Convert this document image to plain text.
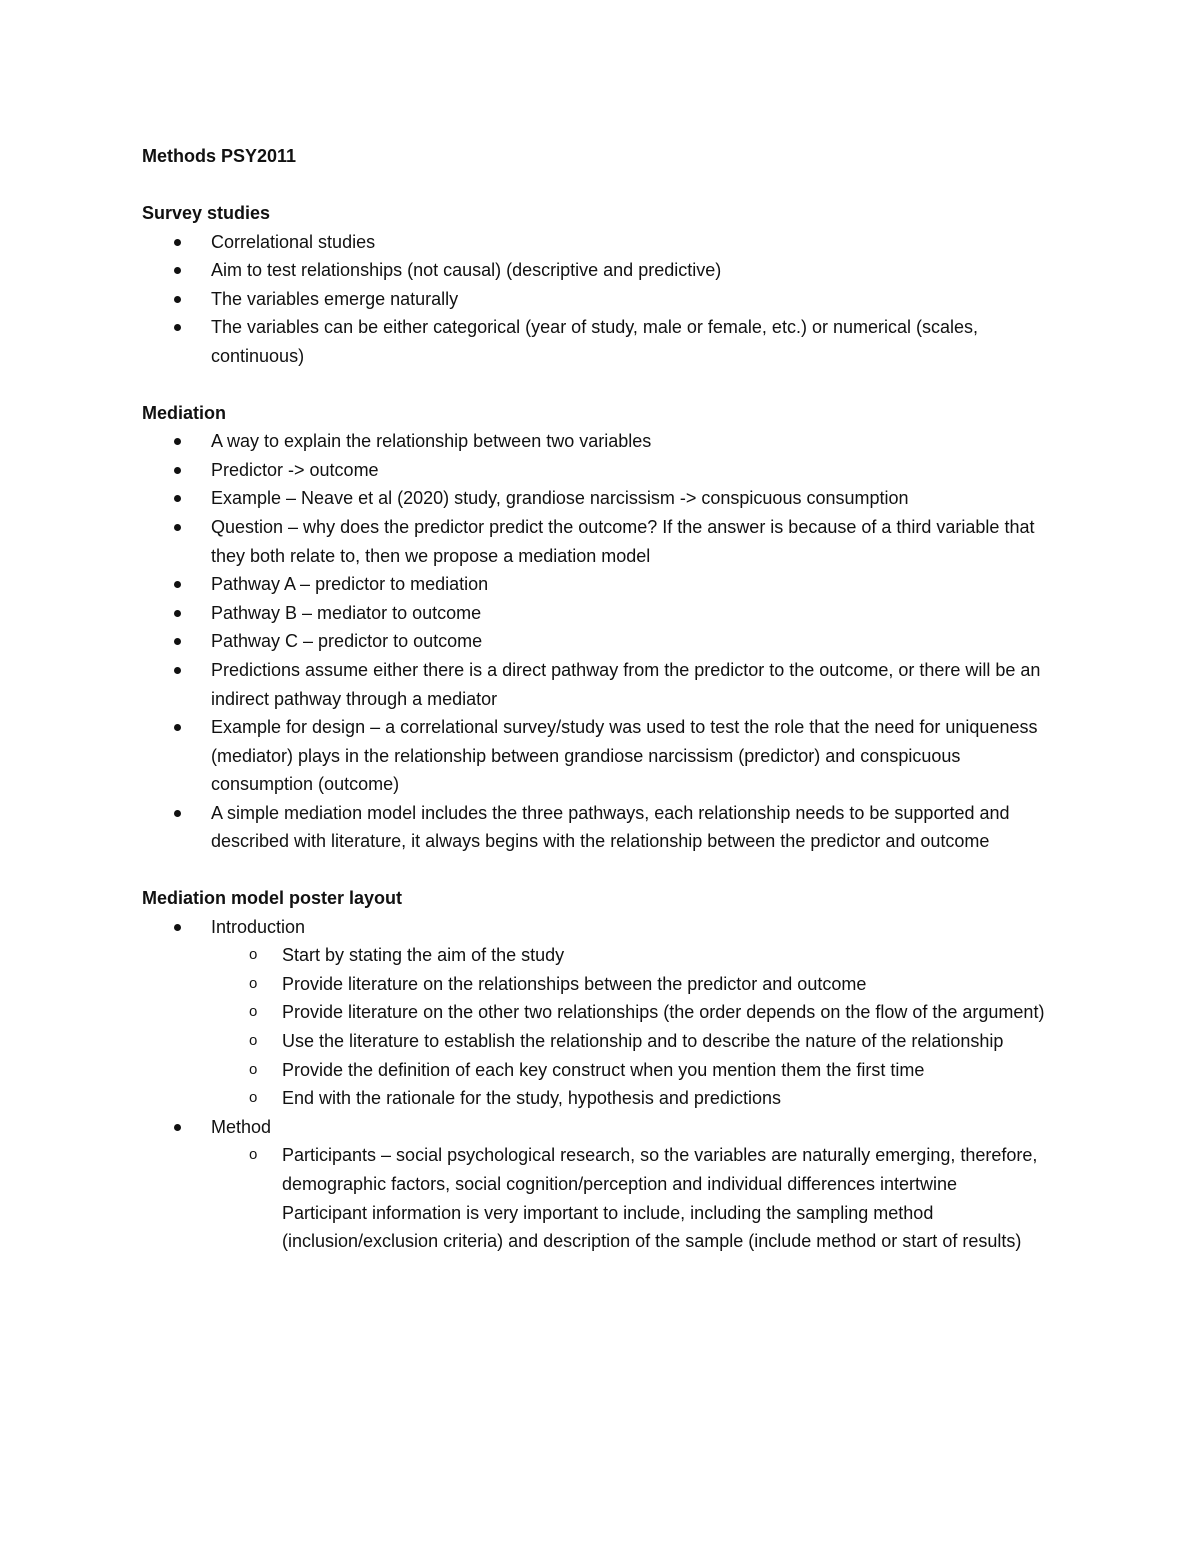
Methods PSY2011

Survey studies

Correlational studies
Aim to test relationships (not causal) (descriptive and predictive)
The variables emerge naturally
The variables can be either categorical (year of study, male or female, etc.) or numerical (scales, continuous)

Mediation

A way to explain the relationship between two variables
Predictor -> outcome
Example – Neave et al (2020) study, grandiose narcissism -> conspicuous consumption
Question – why does the predictor predict the outcome? If the answer is because of a third variable that they both relate to, then we propose a mediation model
Pathway A – predictor to mediation
Pathway B – mediator to outcome
Pathway C – predictor to outcome
Predictions assume either there is a direct pathway from the predictor to the outcome, or there will be an indirect pathway through a mediator
Example for design – a correlational survey/study was used to test the role that the need for uniqueness (mediator) plays in the relationship between grandiose narcissism (predictor) and conspicuous consumption (outcome)
A simple mediation model includes the three pathways, each relationship needs to be supported and described with literature, it always begins with the relationship between the predictor and outcome

Mediation model poster layout

Introduction
o Start by stating the aim of the study
o Provide literature on the relationships between the predictor and outcome
o Provide literature on the other two relationships (the order depends on the flow of the argument)
o Use the literature to establish the relationship and to describe the nature of the relationship
o Provide the definition of each key construct when you mention them the first time
o End with the rationale for the study, hypothesis and predictions
Method
o Participants – social psychological research, so the variables are naturally emerging, therefore, demographic factors, social cognition/perception and individual differences intertwine
Participant information is very important to include, including the sampling method (inclusion/exclusion criteria) and description of the sample (include method or start of results)
